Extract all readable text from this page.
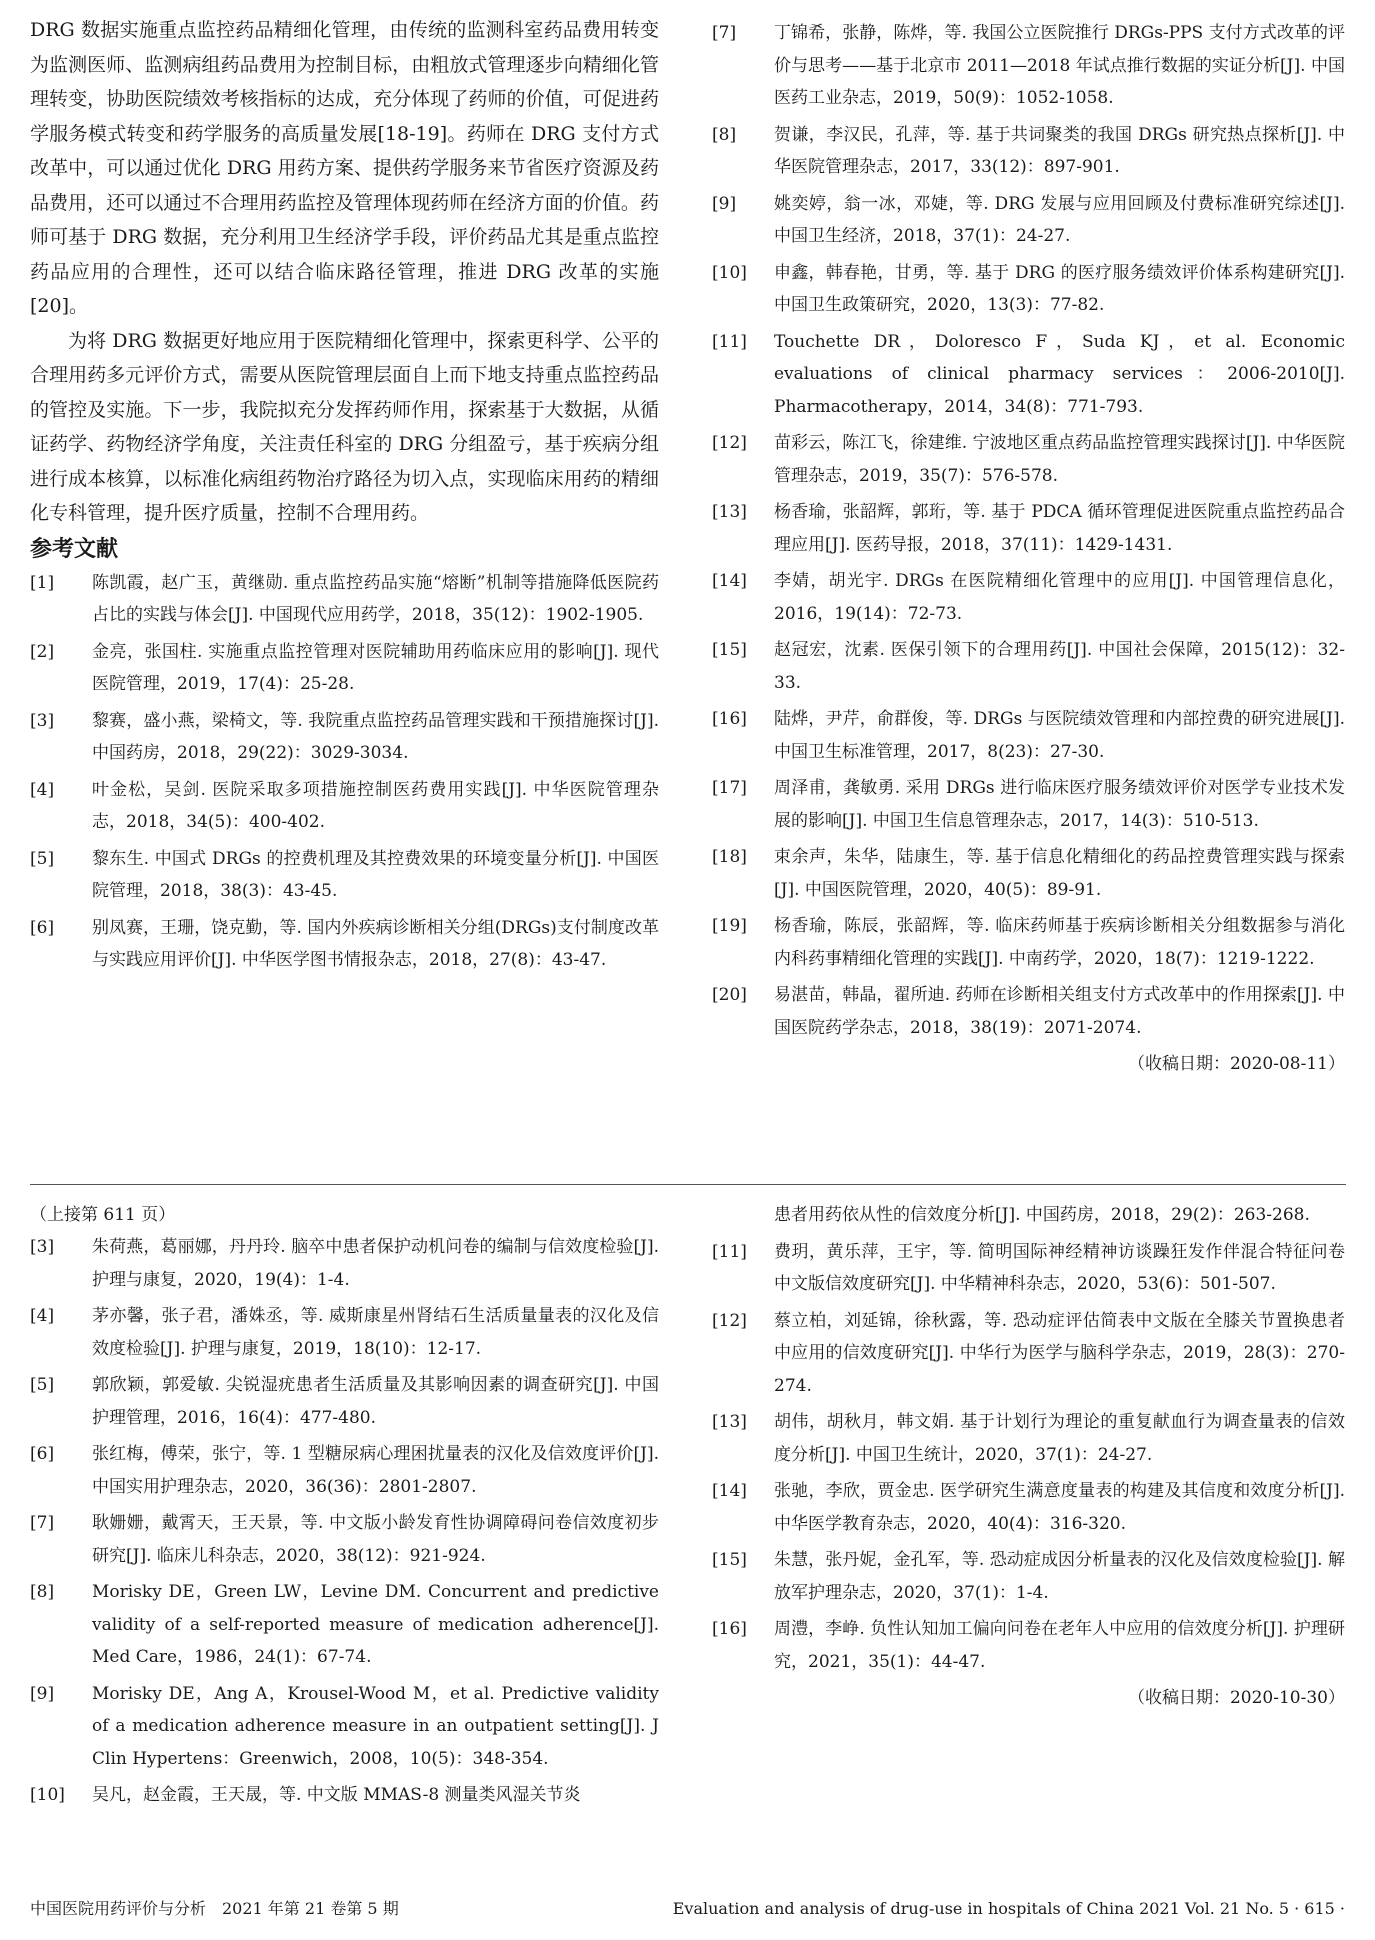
DRG 数据实施重点监控药品精细化管理，由传统的监测科室药品费用转变为监测医师、监测病组药品费用为控制目标，由粗放式管理逐步向精细化管理转变，协助医院绩效考核指标的达成，充分体现了药师的价值，可促进药学服务模式转变和药学服务的高质量发展[18-19]。药师在 DRG 支付方式改革中，可以通过优化 DRG 用药方案、提供药学服务来节省医疗资源及药品费用，还可以通过不合理用药监控及管理体现药师在经济方面的价值。药师可基于 DRG 数据，充分利用卫生经济学手段，评价药品尤其是重点监控药品应用的合理性，还可以结合临床路径管理，推进 DRG 改革的实施[20]。

为将 DRG 数据更好地应用于医院精细化管理中，探索更科学、公平的合理用药多元评价方式，需要从医院管理层面自上而下地支持重点监控药品的管控及实施。下一步，我院拟充分发挥药师作用，探索基于大数据，从循证药学、药物经济学角度，关注责任科室的 DRG 分组盈亏，基于疾病分组进行成本核算，以标准化病组药物治疗路径为切入点，实现临床用药的精细化专科管理，提升医疗质量，控制不合理用药。

参考文献
[1]	陈凯霞，赵广玉，黄继勋. 重点监控药品实施“熔断”机制等措施降低医院药占比的实践与体会[J]. 中国现代应用药学，2018，35(12)：1902-1905.
[2]	金亮，张国柱. 实施重点监控管理对医院辅助用药临床应用的影响[J]. 现代医院管理，2019，17(4)：25-28.
[3]	黎赛，盛小燕，梁椅文，等. 我院重点监控药品管理实践和干预措施探讨[J]. 中国药房，2018，29(22)：3029-3034.
[4]	叶金松，吴剑. 医院采取多项措施控制医药费用实践[J]. 中华医院管理杂志，2018，34(5)：400-402.
[5]	黎东生. 中国式 DRGs 的控费机理及其控费效果的环境变量分析[J]. 中国医院管理，2018，38(3)：43-45.
[6]	别凤赛，王珊，饶克勤，等. 国内外疾病诊断相关分组(DRGs)支付制度改革与实践应用评价[J]. 中华医学图书情报杂志，2018，27(8)：43-47.
[7]	丁锦希，张静，陈烨，等. 我国公立医院推行 DRGs-PPS 支付方式改革的评价与思考——基于北京市 2011—2018 年试点推行数据的实证分析[J]. 中国医药工业杂志，2019，50(9)：1052-1058.
[8]	贺谦，李汉民，孔萍，等. 基于共词聚类的我国 DRGs 研究热点探析[J]. 中华医院管理杂志，2017，33(12)：897-901.
[9]	姚奕婷，翁一冰，邓婕，等. DRG 发展与应用回顾及付费标准研究综述[J]. 中国卫生经济，2018，37(1)：24-27.
[10]	申鑫，韩春艳，甘勇，等. 基于 DRG 的医疗服务绩效评价体系构建研究[J]. 中国卫生政策研究，2020，13(3)：77-82.
[11]	Touchette DR，Doloresco F，Suda KJ，et al. Economic evaluations of clinical pharmacy services：2006-2010[J]. Pharmacotherapy，2014，34(8)：771-793.
[12]	苗彩云，陈江飞，徐建维. 宁波地区重点药品监控管理实践探讨[J]. 中华医院管理杂志，2019，35(7)：576-578.
[13]	杨香瑜，张韶辉，郭珩，等. 基于 PDCA 循环管理促进医院重点监控药品合理应用[J]. 医药导报，2018，37(11)：1429-1431.
[14]	李婧，胡光宇. DRGs 在医院精细化管理中的应用[J]. 中国管理信息化，2016，19(14)：72-73.
[15]	赵冠宏，沈素. 医保引领下的合理用药[J]. 中国社会保障，2015(12)：32-33.
[16]	陆烨，尹芹，俞群俊，等. DRGs 与医院绩效管理和内部控费的研究进展[J]. 中国卫生标准管理，2017，8(23)：27-30.
[17]	周泽甫，龚敏勇. 采用 DRGs 进行临床医疗服务绩效评价对医学专业技术发展的影响[J]. 中国卫生信息管理杂志，2017，14(3)：510-513.
[18]	束余声，朱华，陆康生，等. 基于信息化精细化的药品控费管理实践与探索[J]. 中国医院管理，2020，40(5)：89-91.
[19]	杨香瑜，陈辰，张韶辉，等. 临床药师基于疾病诊断相关分组数据参与消化内科药事精细化管理的实践[J]. 中南药学，2020，18(7)：1219-1222.
[20]	易湛苗，韩晶，翟所迪. 药师在诊断相关组支付方式改革中的作用探索[J]. 中国医院药学杂志，2018，38(19)：2071-2074.
（收稿日期：2020-08-11）
（上接第 611 页）
[3]	朱荷燕，葛丽娜，丹丹玲. 脑卒中患者保护动机问卷的编制与信效度检验[J]. 护理与康复，2020，19(4)：1-4.
[4]	茅亦馨，张子君，潘姝丞，等. 威斯康星州肾结石生活质量量表的汉化及信效度检验[J]. 护理与康复，2019，18(10)：12-17.
[5]	郭欣颖，郭爱敏. 尖锐湿疣患者生活质量及其影响因素的调查研究[J]. 中国护理管理，2016，16(4)：477-480.
[6]	张红梅，傅荣，张宁，等. 1 型糖尿病心理困扰量表的汉化及信效度评价[J]. 中国实用护理杂志，2020，36(36)：2801-2807.
[7]	耿姗姗，戴霄天，王天景，等. 中文版小龄发育性协调障碍问卷信效度初步研究[J]. 临床儿科杂志，2020，38(12)：921-924.
[8]	Morisky DE，Green LW，Levine DM. Concurrent and predictive validity of a self-reported measure of medication adherence[J]. Med Care，1986，24(1)：67-74.
[9]	Morisky DE，Ang A，Krousel-Wood M，et al. Predictive validity of a medication adherence measure in an outpatient setting[J]. J Clin Hypertens：Greenwich，2008，10(5)：348-354.
[10]	吴凡，赵金霞，王天晟，等. 中文版 MMAS-8 测量类风湿关节炎
患者用药依从性的信效度分析[J]. 中国药房，2018，29(2)：263-268.
[11]	费玥，黄乐萍，王宇，等. 简明国际神经精神访谈躁狂发作伴混合特征问卷中文版信效度研究[J]. 中华精神科杂志，2020，53(6)：501-507.
[12]	蔡立柏，刘延锦，徐秋露，等. 恐动症评估简表中文版在全膝关节置换患者中应用的信效度研究[J]. 中华行为医学与脑科学杂志，2019，28(3)：270-274.
[13]	胡伟，胡秋月，韩文娟. 基于计划行为理论的重复献血行为调查量表的信效度分析[J]. 中国卫生统计，2020，37(1)：24-27.
[14]	张驰，李欣，贾金忠. 医学研究生满意度量表的构建及其信度和效度分析[J]. 中华医学教育杂志，2020，40(4)：316-320.
[15]	朱慧，张丹妮，金孔军，等. 恐动症成因分析量表的汉化及信效度检验[J]. 解放军护理杂志，2020，37(1)：1-4.
[16]	周澧，李峥. 负性认知加工偏向问卷在老年人中应用的信效度分析[J]. 护理研究，2021，35(1)：44-47.
（收稿日期：2020-10-30）
中国医院用药评价与分析　2021 年第 21 卷第 5 期	Evaluation and analysis of drug-use in hospitals of China 2021 Vol. 21 No. 5 · 615 ·
